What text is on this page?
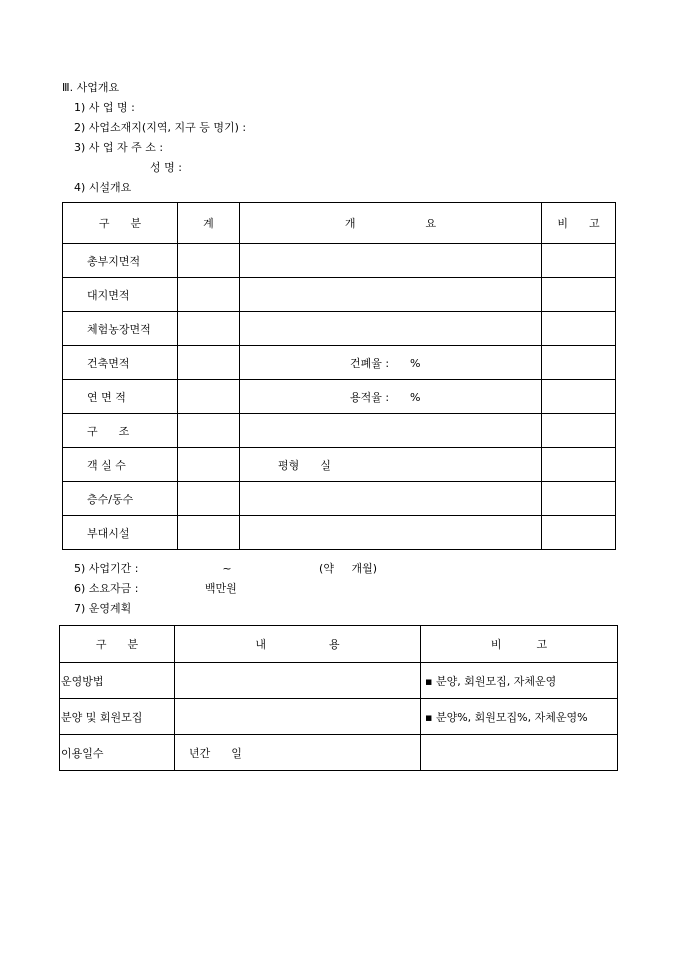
Ⅲ. 사업개요
1) 사 업 명 :
2) 사업소재지(지역, 지구 등 명기) :
3) 사 업 자 주 소 :
성 명 :
4) 시설개요
구      분	계	개                    요	비      고
총부지면적			
대지면적			
체험농장면적			
건축면적		건폐율 :      %	
연 면 적		용적율 :      %	
구      조			
객 실 수		평형      실	
층수/동수			
부대시설			
5) 사업기간 :                        ~                         (약     개월)
6) 소요자금 :                   백만원
7) 운영계획
구      분	내                  용	비          고
운영방법		▪ 분양, 회원모집, 자체운영
분양 및 회원모집		▪ 분양%, 회원모집%, 자체운영%
이용일수	년간      일	
